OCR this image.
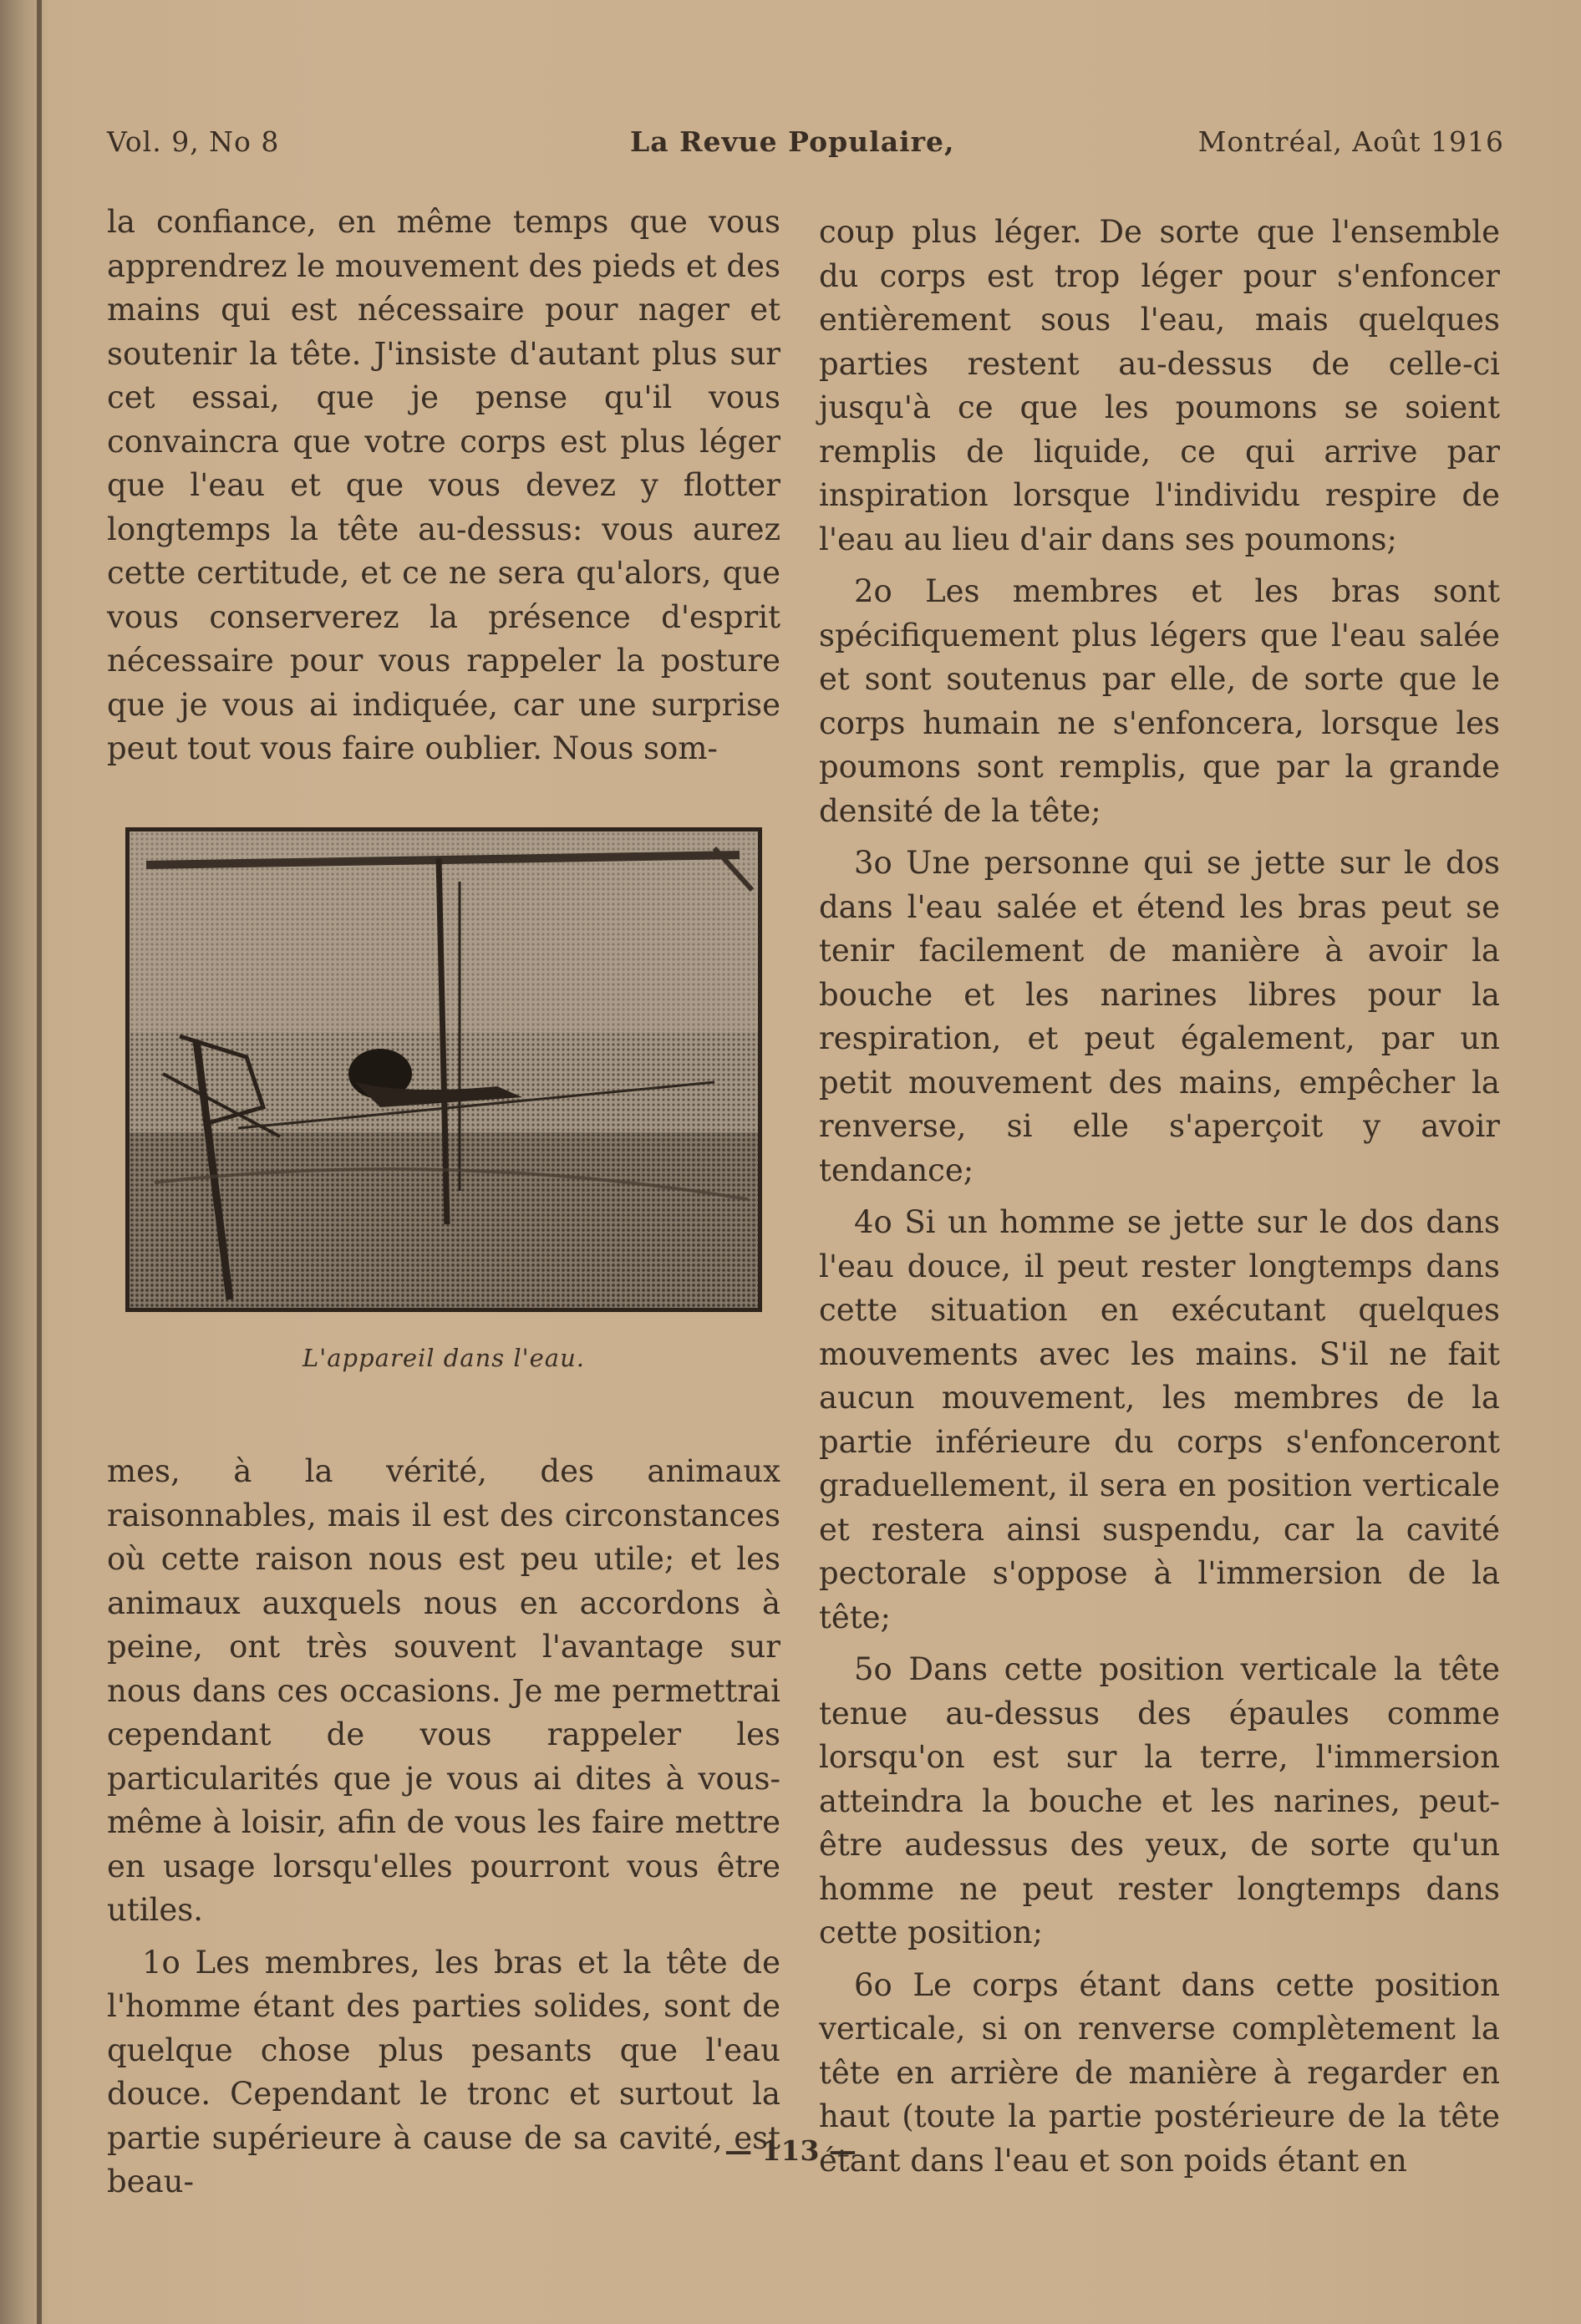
Vol. 9, No 8	La Revue Populaire,	Montréal, Août 1916

la confiance, en même temps que vous apprendrez le mouvement des pieds et des mains qui est nécessaire pour nager et soutenir la tête. J'insiste d'autant plus sur cet essai, que je pense qu'il vous convaincra que votre corps est plus léger que l'eau et que vous devez y flotter longtemps la tête au-dessus: vous aurez cette certitude, et ce ne sera qu'alors, que vous conserverez la présence d'esprit nécessaire pour vous rappeler la posture que je vous ai indiquée, car une surprise peut tout vous faire oublier. Nous som-

L'appareil dans l'eau.

mes, à la vérité, des animaux raisonnables, mais il est des circonstances où cette raison nous est peu utile; et les animaux auxquels nous en accordons à peine, ont très souvent l'avantage sur nous dans ces occasions. Je me permettrai cependant de vous rappeler les particularités que je vous ai dites à vous-même à loisir, afin de vous les faire mettre en usage lorsqu'elles pourront vous être utiles.

1o Les membres, les bras et la tête de l'homme étant des parties solides, sont de quelque chose plus pesants que l'eau douce. Cependant le tronc et surtout la partie supérieure à cause de sa cavité, est beau-

coup plus léger. De sorte que l'ensemble du corps est trop léger pour s'enfoncer entièrement sous l'eau, mais quelques parties restent au-dessus de celle-ci jusqu'à ce que les poumons se soient remplis de liquide, ce qui arrive par inspiration lorsque l'individu respire de l'eau au lieu d'air dans ses poumons;

2o Les membres et les bras sont spécifiquement plus légers que l'eau salée et sont soutenus par elle, de sorte que le corps humain ne s'enfoncera, lorsque les poumons sont remplis, que par la grande densité de la tête;

3o Une personne qui se jette sur le dos dans l'eau salée et étend les bras peut se tenir facilement de manière à avoir la bouche et les narines libres pour la respiration, et peut également, par un petit mouvement des mains, empêcher la renverse, si elle s'aperçoit y avoir tendance;

4o Si un homme se jette sur le dos dans l'eau douce, il peut rester longtemps dans cette situation en exécutant quelques mouvements avec les mains. S'il ne fait aucun mouvement, les membres de la partie inférieure du corps s'enfonceront graduellement, il sera en position verticale et restera ainsi suspendu, car la cavité pectorale s'oppose à l'immersion de la tête;

5o Dans cette position verticale la tête tenue au-dessus des épaules comme lorsqu'on est sur la terre, l'immersion atteindra la bouche et les narines, peut-être audessus des yeux, de sorte qu'un homme ne peut rester longtemps dans cette position;

6o Le corps étant dans cette position verticale, si on renverse complètement la tête en arrière de manière à regarder en haut (toute la partie postérieure de la tête étant dans l'eau et son poids étant en

— 113 —
